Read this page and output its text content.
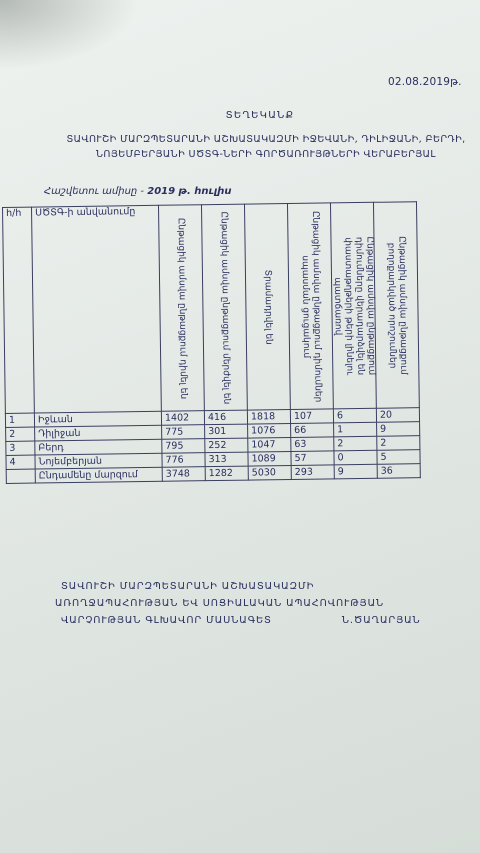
02.08.2019թ.
ՏԵՂԵԿԱՆՔ
ՏԱՎՈՒՇԻ ՄԱՐԶՊԵՏԱՐԱՆԻ ԱՇԽԱՏԱԿԱԶՄԻ ԻՋԵՎԱՆԻ, ԴԻԼԻՋԱՆԻ, ԲԵՐԴԻ,
ՆՈՅԵՄԲԵՐՅԱՆԻ ՍԾՏԳ-ՆԵՐԻ ԳՈՐԾԱՌՈՒՅԹՆԵՐԻ ՎԵՐԱԲԵՐՅԱԼ
Հաշվետու ամիսը - 2019 թ. հուլիս
h/h	ՍԾՏԳ-ի անվանումը	Ընթացիկ ամսվա ընթացքում դիմել են	Ընթացիկ ամսվա ընթացքում մերժվել են	Տրամադրվել են	Ընթացիկ ամսվա ընթացքում դիմումներ սպասման ցուցակում	Ընթացիկ ամսվա ընթացքում դիմումները վերադարձվել են փաստաթղթերի թերի լինելու պատճառով	Ընթացիկ ամսվա ընթացքում բողոքարկված որոշումներ

1	Իջևան	1402	416	1818	107	6	20
2	Դիլիջան	775	301	1076	66	1	9
3	Բերդ	795	252	1047	63	2	2
4	Նոյեմբերյան	776	313	1089	57	0	5
	Ընդամենը մարզում	3748	1282	5030	293	9	36
ՏԱՎՈՒՇԻ ՄԱՐԶՊԵՏԱՐԱՆԻ ԱՇԽԱՏԱԿԱԶՄԻ
ԱՌՈՂՋԱՊԱՀՈՒԹՅԱՆ ԵՎ ՍՈՑԻԱԼԱԿԱՆ ԱՊԱՀՈՎՈՒԹՅԱՆ
ՎԱՐՉՈՒԹՅԱՆ ԳԼԽԱՎՈՐ ՄԱՍՆԱԳԵՏ	Ն.ԾԱՂԱՐՅԱՆ
